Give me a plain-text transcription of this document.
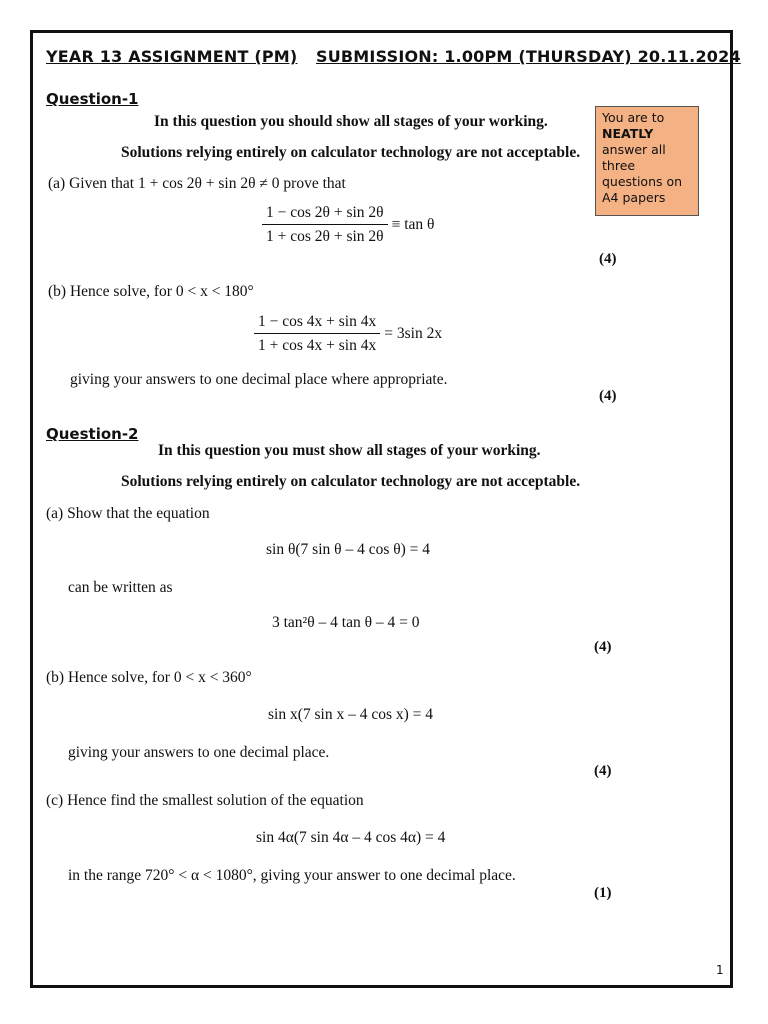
YEAR 13 ASSIGNMENT (PM) SUBMISSION: 1.00PM (THURSDAY) 20.11.2024
You are to
NEATLY
answer all three questions on A4 papers
Question-1
In this question you should show all stages of your working.
Solutions relying entirely on calculator technology are not acceptable.
(a) Given that 1 + cos 2θ + sin 2θ ≠ 0 prove that
$\frac{1 - \cos 2\theta + \sin 2\theta}{1 + \cos 2\theta + \sin 2\theta} \equiv \tan \theta$
(4)
(b) Hence solve, for 0 < x < 180°
$\frac{1 - \cos 4x + \sin 4x}{1 + \cos 4x + \sin 4x} = 3\sin$ 2x
giving your answers to one decimal place where appropriate.
(4)
Question-2
In this question you must show all stages of your working.
Solutions relying entirely on calculator technology are not acceptable.
(a) Show that the equation
sin θ(7 sin θ – 4 cos θ) = 4
can be written as
3 tan²θ – 4 tan θ – 4 = 0
(4)
(b) Hence solve, for 0 < x < 360°
sin x(7 sin x – 4 cos x) = 4
giving your answers to one decimal place.
(4)
(c) Hence find the smallest solution of the equation
sin 4α(7 sin 4α – 4 cos 4α) = 4
in the range 720° < α < 1080°, giving your answer to one decimal place.
(1)
1
